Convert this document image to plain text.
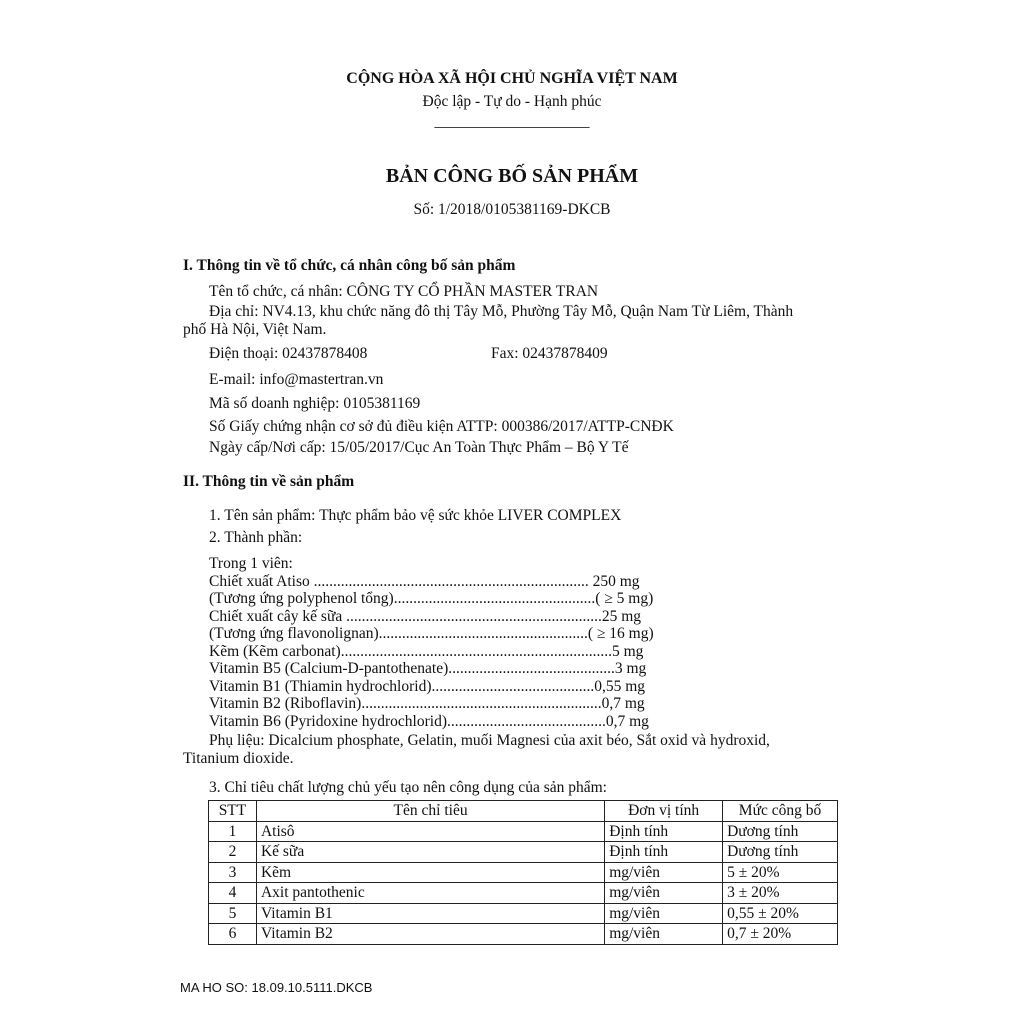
CỘNG HÒA XÃ HỘI CHỦ NGHĨA VIỆT NAM
Độc lập - Tự do - Hạnh phúc
____________________
BẢN CÔNG BỐ SẢN PHẨM
Số: 1/2018/0105381169-DKCB
I. Thông tin về tổ chức, cá nhân công bố sản phẩm
Tên tổ chức, cá nhân: CÔNG TY CỔ PHẦN MASTER TRAN
Địa chỉ: NV4.13, khu chức năng đô thị Tây Mỗ, Phường Tây Mỗ, Quận Nam Từ Liêm, Thành
phố Hà Nội, Việt Nam.
Điện thoại: 02437878408	Fax: 02437878409
E-mail: info@mastertran.vn
Mã số doanh nghiệp: 0105381169
Số Giấy chứng nhận cơ sở đủ điều kiện ATTP: 000386/2017/ATTP-CNĐK
Ngày cấp/Nơi cấp: 15/05/2017/Cục An Toàn Thực Phẩm – Bộ Y Tế
II. Thông tin về sản phẩm
1. Tên sản phẩm: Thực phẩm bảo vệ sức khỏe LIVER COMPLEX
2. Thành phần:
Trong 1 viên:
Chiết xuất Atiso ....................................................................... 250 mg
(Tương ứng polyphenol tổng)....................................................( ≥ 5 mg)
Chiết xuất cây kế sữa ..................................................................25 mg
(Tương ứng flavonolignan)......................................................( ≥ 16 mg)
Kẽm (Kẽm carbonat)......................................................................5 mg
Vitamin B5 (Calcium-D-pantothenate)...........................................3 mg
Vitamin B1 (Thiamin hydrochlorid)..........................................0,55 mg
Vitamin B2 (Riboflavin)..............................................................0,7 mg
Vitamin B6 (Pyridoxine hydrochlorid).........................................0,7 mg
Phụ liệu: Dicalcium phosphate, Gelatin, muối Magnesi của axit béo, Sắt oxid và hydroxid,
Titanium dioxide.
3. Chỉ tiêu chất lượng chủ yếu tạo nên công dụng của sản phẩm:
STT	Tên chỉ tiêu	Đơn vị tính	Mức công bố
1	Atisô	Định tính	Dương tính
2	Kế sữa	Định tính	Dương tính
3	Kẽm	mg/viên	5 ± 20%
4	Axit pantothenic	mg/viên	3 ± 20%
5	Vitamin B1	mg/viên	0,55 ± 20%
6	Vitamin B2	mg/viên	0,7 ± 20%
MA HO SO: 18.09.10.5111.DKCB
